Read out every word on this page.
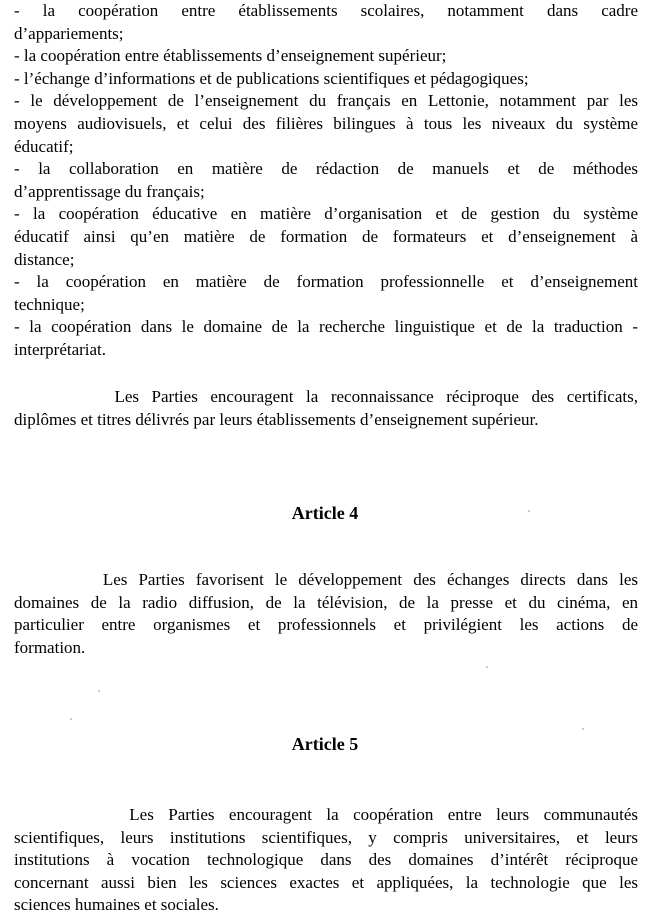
- la coopération entre établissements scolaires, notamment dans cadre
d’appariements;
- la coopération entre établissements d’enseignement supérieur;
- l’échange d’informations et de publications scientifiques et pédagogiques;
- le développement de l’enseignement du français en Lettonie, notamment par les
moyens audiovisuels, et celui des filières bilingues à tous les niveaux du système
éducatif;
- la collaboration en matière de rédaction de manuels et de méthodes
d’apprentissage du français;
- la coopération éducative en matière d’organisation et de gestion du système
éducatif ainsi qu’en matière de formation de formateurs et d’enseignement à
distance;
- la coopération en matière de formation professionnelle et d’enseignement
technique;
- la coopération dans le domaine de la recherche linguistique et de la traduction -
interprétariat.
Les Parties encouragent la reconnaissance réciproque des certificats,
diplômes et titres délivrés par leurs établissements d’enseignement supérieur.
Article 4
Les Parties favorisent le développement des échanges directs dans les
domaines de la radio diffusion, de la télévision, de la presse et du cinéma, en
particulier entre organismes et professionnels et privilégient les actions de
formation.
Article 5
Les Parties encouragent la coopération entre leurs communautés
scientifiques, leurs institutions scientifiques, y compris universitaires, et leurs
institutions à vocation technologique dans des domaines d’intérêt réciproque
concernant aussi bien les sciences exactes et appliquées, la technologie que les
sciences humaines et sociales.
